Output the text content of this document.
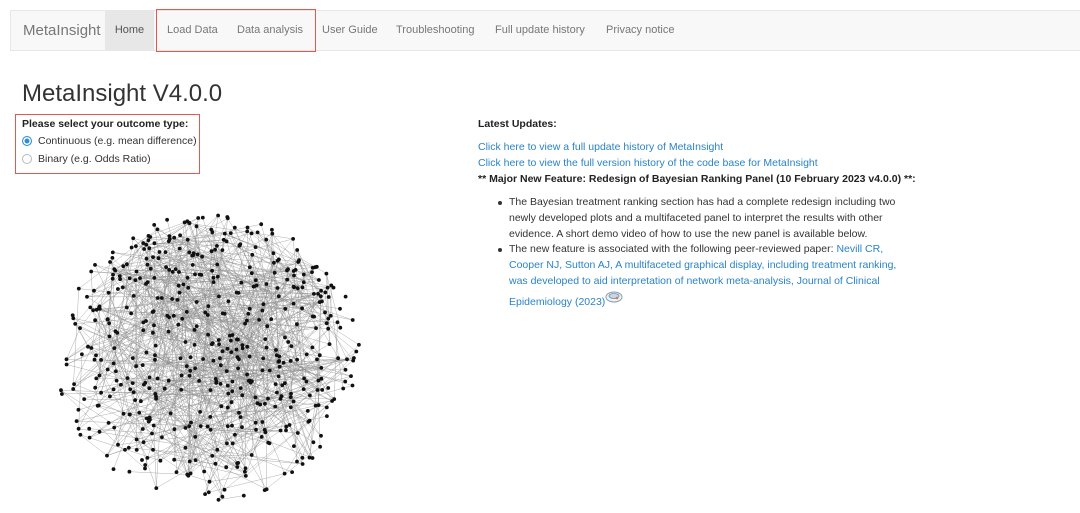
MetaInsight	Home	Load Data Data analysis User Guide Troubleshooting Full update history Privacy notice
MetaInsight V4.0.0
Please select your outcome type:
Continuous (e.g. mean difference)
Binary (e.g. Odds Ratio)
Latest Updates:
Click here to view a full update history of MetaInsight
Click here to view the full version history of the code base for MetaInsight
** Major New Feature: Redesign of Bayesian Ranking Panel (10 February 2023 v4.0.0) **:
The Bayesian treatment ranking section has had a complete redesign including two
newly developed plots and a multifaceted panel to interpret the results with other
evidence. A short demo video of how to use the new panel is available below.
The new feature is associated with the following peer-reviewed paper: Nevill CR,
Cooper NJ, Sutton AJ, A multifaceted graphical display, including treatment ranking,
was developed to aid interpretation of network meta-analysis, Journal of Clinical
Epidemiology (2023)
